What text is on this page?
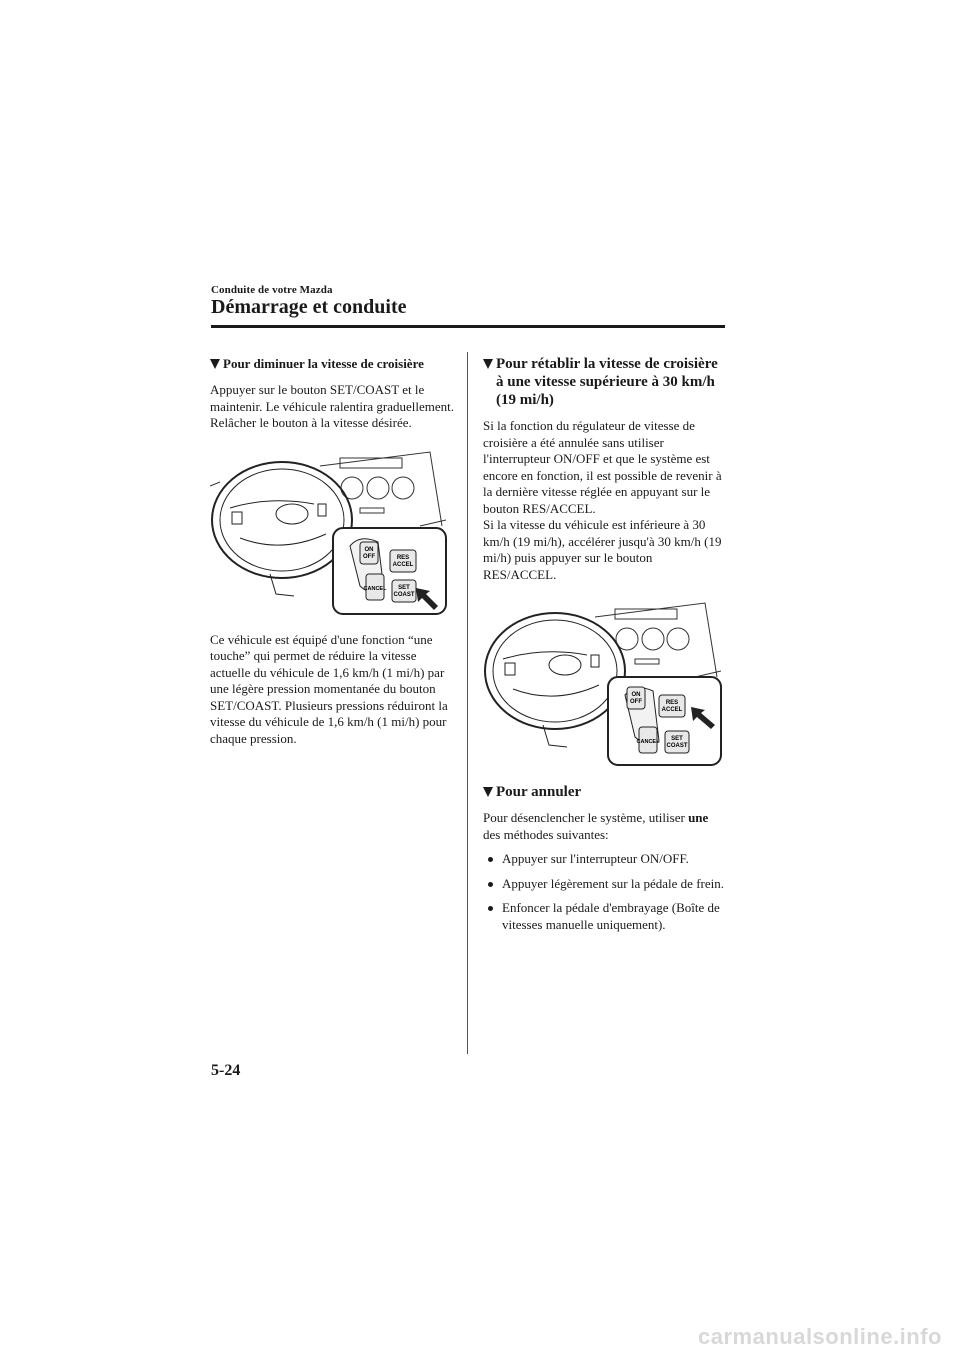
Conduite de votre Mazda
Démarrage et conduite
Pour diminuer la vitesse de croisière

Appuyer sur le bouton SET/COAST et le maintenir. Le véhicule ralentira graduellement.

Relâcher le bouton à la vitesse désirée.

ON
OFF	RES
ACCEL
CANCEL SET
COAST

Ce véhicule est équipé d'une fonction “une touche” qui permet de réduire la vitesse actuelle du véhicule de 1,6 km/h (1 mi/h) par une légère pression momentanée du bouton SET/COAST. Plusieurs pressions réduiront la vitesse du véhicule de 1,6 km/h (1 mi/h) pour chaque pression.

Pour rétablir la vitesse de croisière à une vitesse supérieure à 30 km/h (19 mi/h)

Si la fonction du régulateur de vitesse de croisière a été annulée sans utiliser l'interrupteur ON/OFF et que le système est encore en fonction, il est possible de revenir à la dernière vitesse réglée en appuyant sur le bouton RES/ACCEL.

Si la vitesse du véhicule est inférieure à 30 km/h (19 mi/h), accélérer jusqu'à 30 km/h (19 mi/h) puis appuyer sur le bouton RES/ACCEL.

ON
OFF	RES
ACCEL
CANCEL SET
COAST
Pour annuler

Pour désenclencher le système, utiliser une des méthodes suivantes:

Appuyer sur l'interrupteur ON/OFF.
Appuyer légèrement sur la pédale de frein.
Enfoncer la pédale d'embrayage (Boîte de vitesses manuelle uniquement).
5-24
carmanualsonline.info
